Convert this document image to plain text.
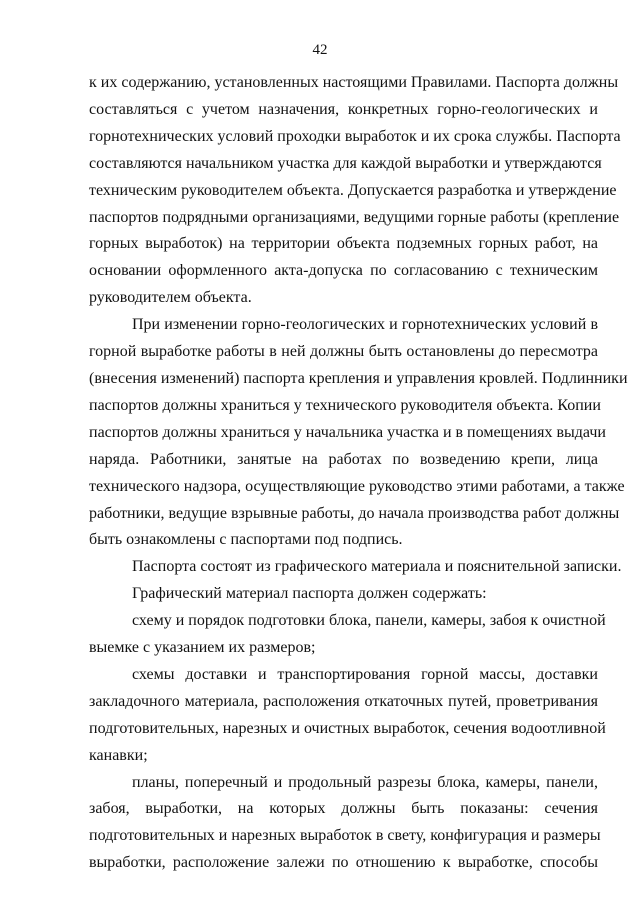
42

к их содержанию, установленных настоящими Правилами. Паспорта должны
составляться с учетом назначения, конкретных горно-геологических и
горнотехнических условий проходки выработок и их срока службы. Паспорта
составляются начальником участка для каждой выработки и утверждаются
техническим руководителем объекта. Допускается разработка и утверждение
паспортов подрядными организациями, ведущими горные работы (крепление
горных выработок) на территории объекта подземных горных работ, на
основании оформленного акта-допуска по согласованию с техническим
руководителем объекта.

При изменении горно-геологических и горнотехнических условий в
горной выработке работы в ней должны быть остановлены до пересмотра
(внесения изменений) паспорта крепления и управления кровлей. Подлинники
паспортов должны храниться у технического руководителя объекта. Копии
паспортов должны храниться у начальника участка и в помещениях выдачи
наряда. Работники, занятые на работах по возведению крепи, лица
технического надзора, осуществляющие руководство этими работами, а также
работники, ведущие взрывные работы, до начала производства работ должны
быть ознакомлены с паспортами под подпись.

Паспорта состоят из графического материала и пояснительной записки.

Графический материал паспорта должен содержать:

схему и порядок подготовки блока, панели, камеры, забоя к очистной
выемке с указанием их размеров;

схемы доставки и транспортирования горной массы, доставки
закладочного материала, расположения откаточных путей, проветривания
подготовительных, нарезных и очистных выработок, сечения водоотливной
канавки;

планы, поперечный и продольный разрезы блока, камеры, панели,
забоя, выработки, на которых должны быть показаны: сечения
подготовительных и нарезных выработок в свету, конфигурация и размеры
выработки, расположение залежи по отношению к выработке, способы
